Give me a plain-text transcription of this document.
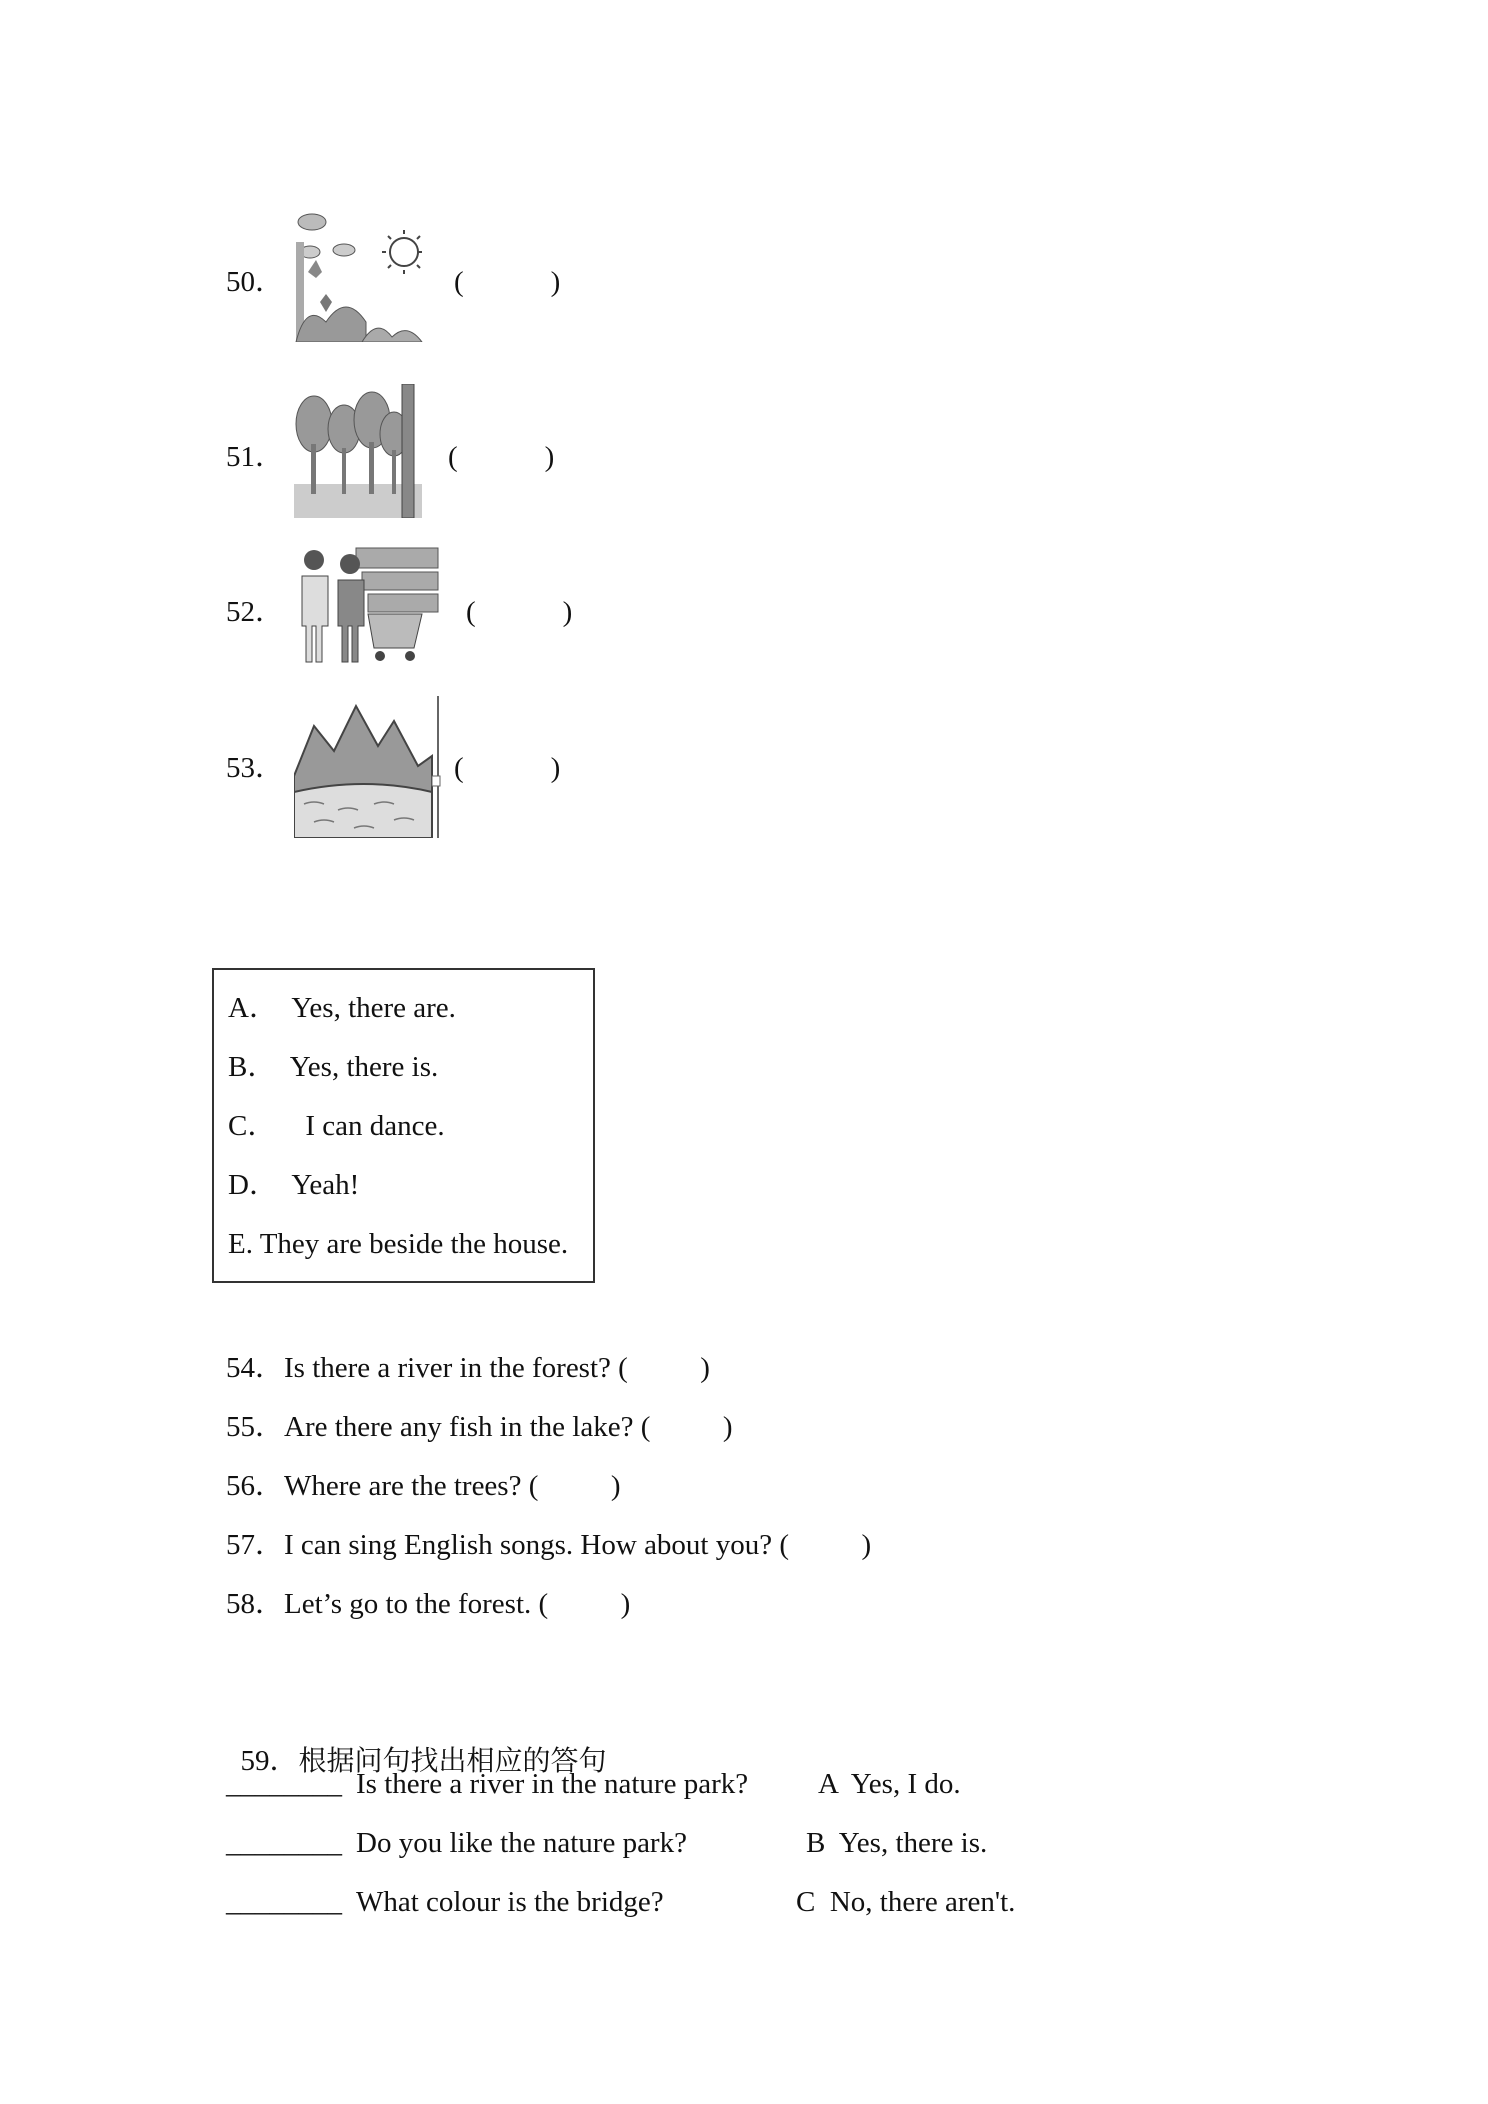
50．	(            )
51．	(            )
52．	(            )
53．	(            )
A．  Yes, there are.
B．  Yes, there is.
C．    I can dance.
D．  Yeah!
E. They are beside the house.
54．Is there a river in the forest? (          )
55．Are there any fish in the lake? (          )
56．Where are the trees? (          )
57．I can sing English songs. How about you? (          )
58．Let’s go to the forest. (          )

59．根据问句找出相应的答句

________ Is there a river in the nature park? A  Yes, I do.
________ Do you like the nature park?	B  Yes, there is.
________ What colour is the bridge?	C  No, there aren't.
